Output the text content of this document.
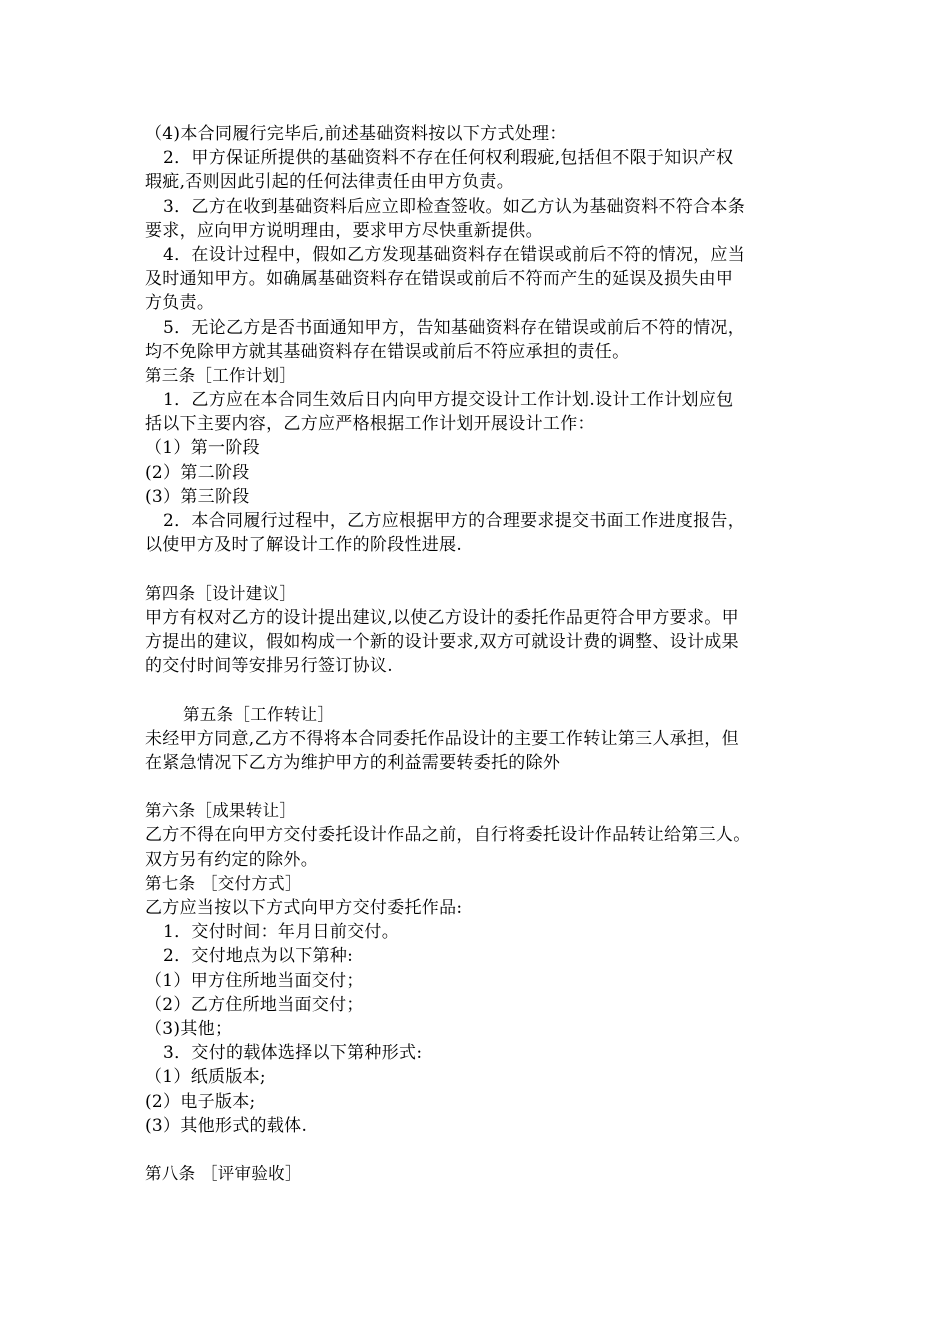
（4)本合同履行完毕后,前述基础资料按以下方式处理：
2．甲方保证所提供的基础资料不存在任何权利瑕疵,包括但不限于知识产权
瑕疵,否则因此引起的任何法律责任由甲方负责。
3．乙方在收到基础资料后应立即检查签收。如乙方认为基础资料不符合本条
要求，应向甲方说明理由，要求甲方尽快重新提供。
4．在设计过程中，假如乙方发现基础资料存在错误或前后不符的情况，应当
及时通知甲方。如确属基础资料存在错误或前后不符而产生的延误及损失由甲
方负责。
5．无论乙方是否书面通知甲方，告知基础资料存在错误或前后不符的情况，
均不免除甲方就其基础资料存在错误或前后不符应承担的责任。
第三条［工作计划］
1．乙方应在本合同生效后日内向甲方提交设计工作计划.设计工作计划应包
括以下主要内容，乙方应严格根据工作计划开展设计工作：
（1）第一阶段
(2）第二阶段
(3）第三阶段
2．本合同履行过程中，乙方应根据甲方的合理要求提交书面工作进度报告，
以使甲方及时了解设计工作的阶段性进展.
第四条［设计建议］
甲方有权对乙方的设计提出建议,以使乙方设计的委托作品更符合甲方要求。甲
方提出的建议，假如构成一个新的设计要求,双方可就设计费的调整、设计成果
的交付时间等安排另行签订协议.
第五条［工作转让］
未经甲方同意,乙方不得将本合同委托作品设计的主要工作转让第三人承担，但
在紧急情况下乙方为维护甲方的利益需要转委托的除外
第六条［成果转让］
乙方不得在向甲方交付委托设计作品之前，自行将委托设计作品转让给第三人。
双方另有约定的除外。
第七条 ［交付方式］
乙方应当按以下方式向甲方交付委托作品:
1．交付时间：年月日前交付。
2．交付地点为以下第种:
（1）甲方住所地当面交付；
（2）乙方住所地当面交付；
（3)其他；
3．交付的载体选择以下第种形式:
（1）纸质版本;
(2）电子版本;
(3）其他形式的载体.
第八条 ［评审验收］
